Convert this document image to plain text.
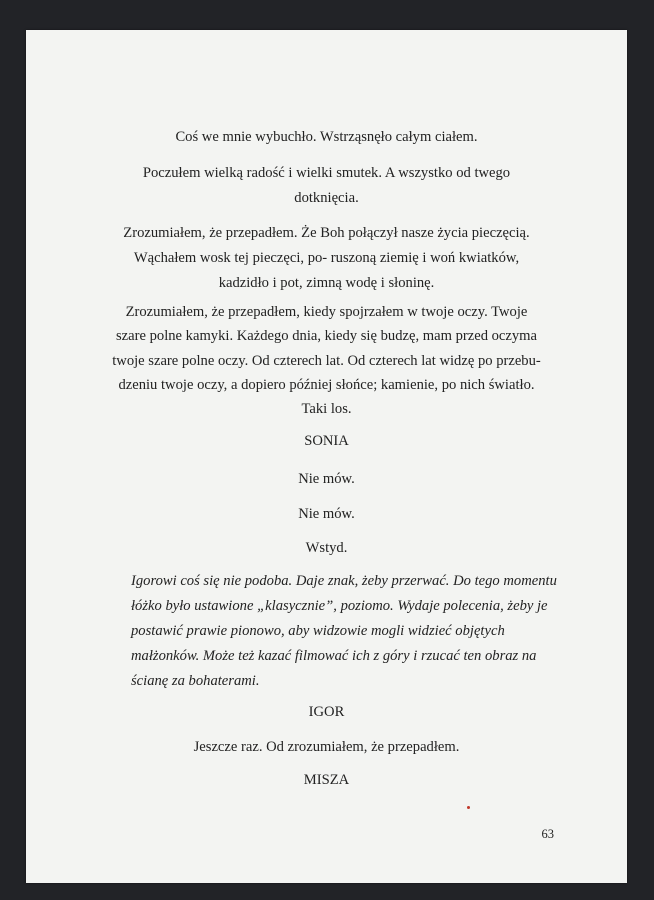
Coś we mnie wybuchło. Wstrząsnęło całym ciałem.
Poczułem wielką radość i wielki smutek. A wszystko od twego
dotknięcia.
Zrozumiałem, że przepadłem. Że Boh połączył nasze życia pieczęcią.
Wąchałem wosk tej pieczęci, po- ruszoną ziemię i woń kwiatków,
kadzidło i pot, zimną wodę i słoninę.
Zrozumiałem, że przepadłem, kiedy spojrzałem w twoje oczy. Twoje
szare polne kamyki. Każdego dnia, kiedy się budzę, mam przed oczyma
twoje szare polne oczy. Od czterech lat. Od czterech lat widzę po przebu-
dzeniu twoje oczy, a dopiero później słońce; kamienie, po nich światło.
Taki los.
SONIA
Nie mów.
Nie mów.
Wstyd.
Igorowi coś się nie podoba. Daje znak, żeby przerwać. Do tego momentu
łóżko było ustawione „klasycznie”, poziomo. Wydaje polecenia, żeby je
postawić prawie pionowo, aby widzowie mogli widzieć objętych
małżonków. Może też kazać filmować ich z góry i rzucać ten obraz na
ścianę za bohaterami.
IGOR
Jeszcze raz. Od zrozumiałem, że przepadłem.
MISZA
63
